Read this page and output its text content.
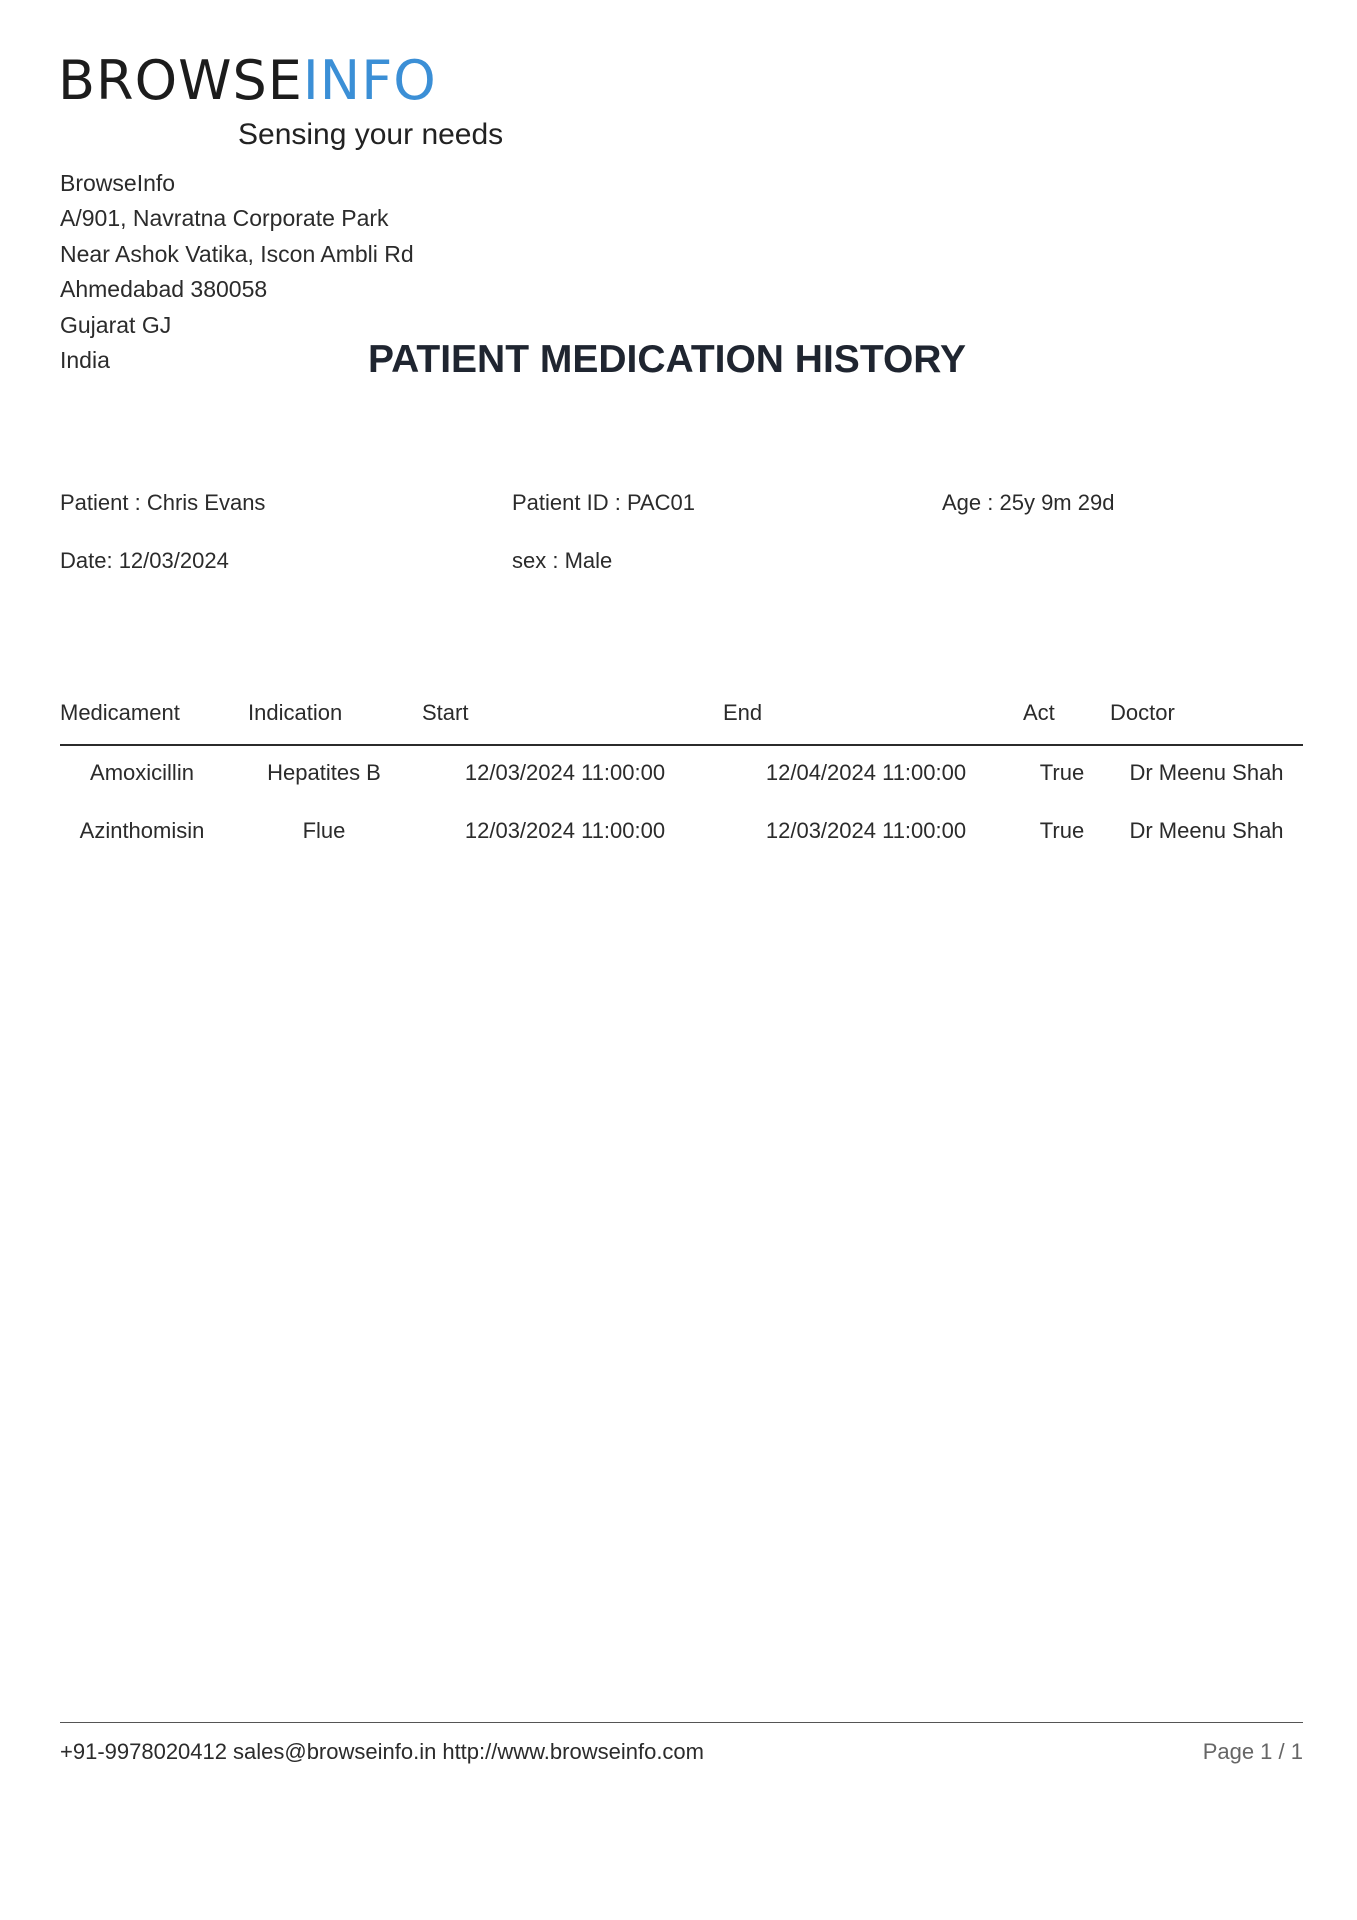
BROWSEINFO
Sensing your needs
BrowseInfo
A/901, Navratna Corporate Park
Near Ashok Vatika, Iscon Ambli Rd
Ahmedabad 380058
Gujarat GJ
India	PATIENT MEDICATION HISTORY
Patient : Chris Evans	Patient ID : PAC01	Age : 25y 9m 29d
Date: 12/03/2024	sex : Male
Medicament	Indication	Start	End	Act	Doctor
Amoxicillin	Hepatites B	12/03/2024 11:00:00	12/04/2024 11:00:00	True	Dr Meenu Shah
Azinthomisin	Flue	12/03/2024 11:00:00	12/03/2024 11:00:00	True	Dr Meenu Shah
+91-9978020412 sales@browseinfo.in http://www.browseinfo.com	Page 1 / 1
